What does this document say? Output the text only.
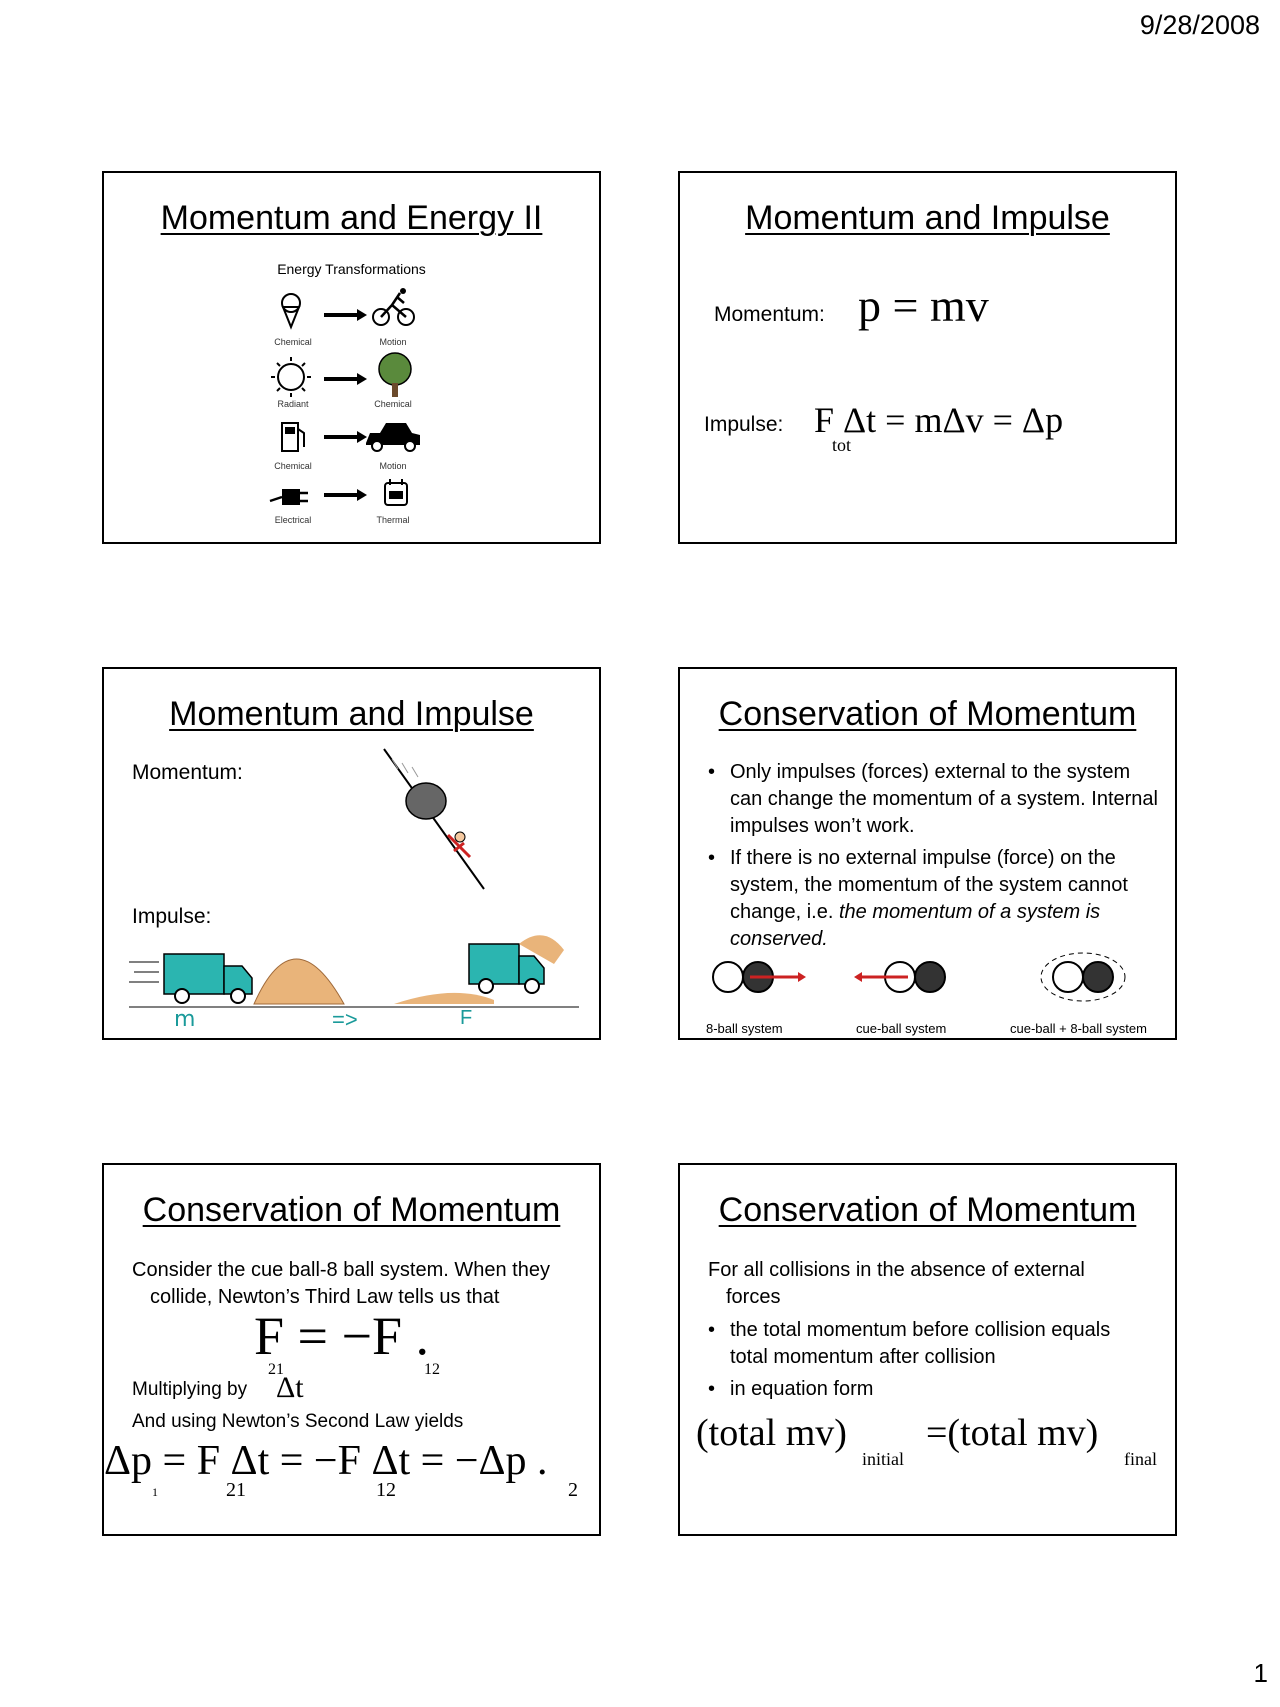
9/28/2008
Momentum and Energy II
Energy Transformations
Chemical	Motion
Radiant	Chemical
Chemical	Motion
Electrical	Thermal
Momentum and Impulse
Momentum: p = mv
Impulse: F Δt = mΔv = Δp
tot
Momentum and Impulse
Momentum:
Impulse:
m	=>	F
Conservation of Momentum
• Only impulses (forces) external to the system can change the momentum of a system. Internal impulses won’t work.
• If there is no external impulse (force) on the system, the momentum of the system cannot change, i.e. the momentum of a system is conserved.
8-ball system	cue-ball system	cue-ball + 8-ball system
Conservation of Momentum
Consider the cue ball-8 ball system. When they collide, Newton’s Third Law tells us that
F = −F .
21	12
Multiplying by Δt
And using Newton’s Second Law yields
Δp = F Δt = −F Δt = −Δp .
1	21	12	2
Conservation of Momentum
For all collisions in the absence of external forces
• the total momentum before collision equals total momentum after collision
• in equation form
(total mv)
initial
=(total mv)
final
1
